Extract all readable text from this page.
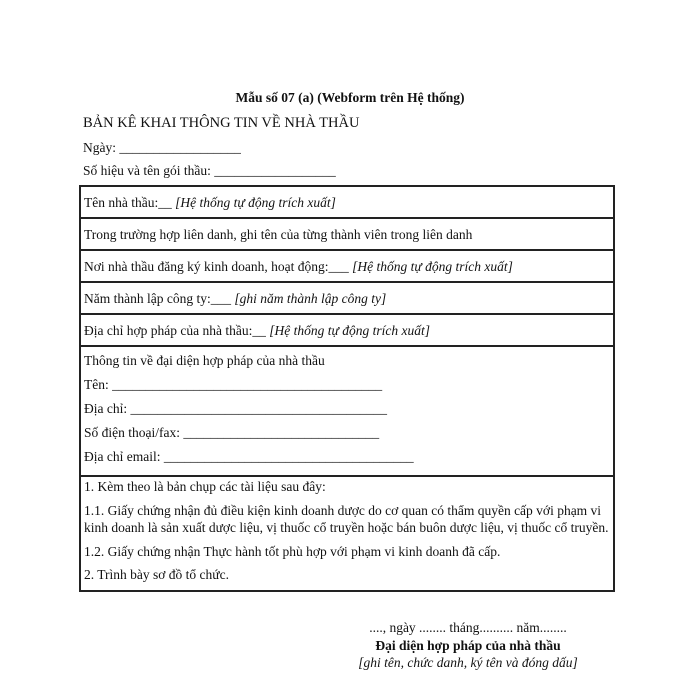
Mẫu số 07 (a) (Webform trên Hệ thống)
BẢN KÊ KHAI THÔNG TIN VỀ NHÀ THẦU
Ngày: __________________
Số hiệu và tên gói thầu: __________________
Tên nhà thầu:__ [Hệ thống tự động trích xuất]
Trong trường hợp liên danh, ghi tên của từng thành viên trong liên danh
Nơi nhà thầu đăng ký kinh doanh, hoạt động:___ [Hệ thống tự động trích xuất]
Năm thành lập công ty:___ [ghi năm thành lập công ty]
Địa chỉ hợp pháp của nhà thầu:__ [Hệ thống tự động trích xuất]
Thông tin về đại diện hợp pháp của nhà thầu
Tên: ________________________________________
Địa chỉ: ______________________________________
Số điện thoại/fax: _____________________________
Địa chỉ email: _____________________________________

1. Kèm theo là bản chụp các tài liệu sau đây:

1.1. Giấy chứng nhận đủ điều kiện kinh doanh dược do cơ quan có thẩm quyền cấp với phạm vi kinh doanh là sản xuất dược liệu, vị thuốc cổ truyền hoặc bán buôn dược liệu, vị thuốc cổ truyền.

1.2. Giấy chứng nhận Thực hành tốt phù hợp với phạm vi kinh doanh đã cấp.

2. Trình bày sơ đồ tổ chức.

...., ngày ........ tháng.......... năm........
Đại diện hợp pháp của nhà thầu
[ghi tên, chức danh, ký tên và đóng dấu]
